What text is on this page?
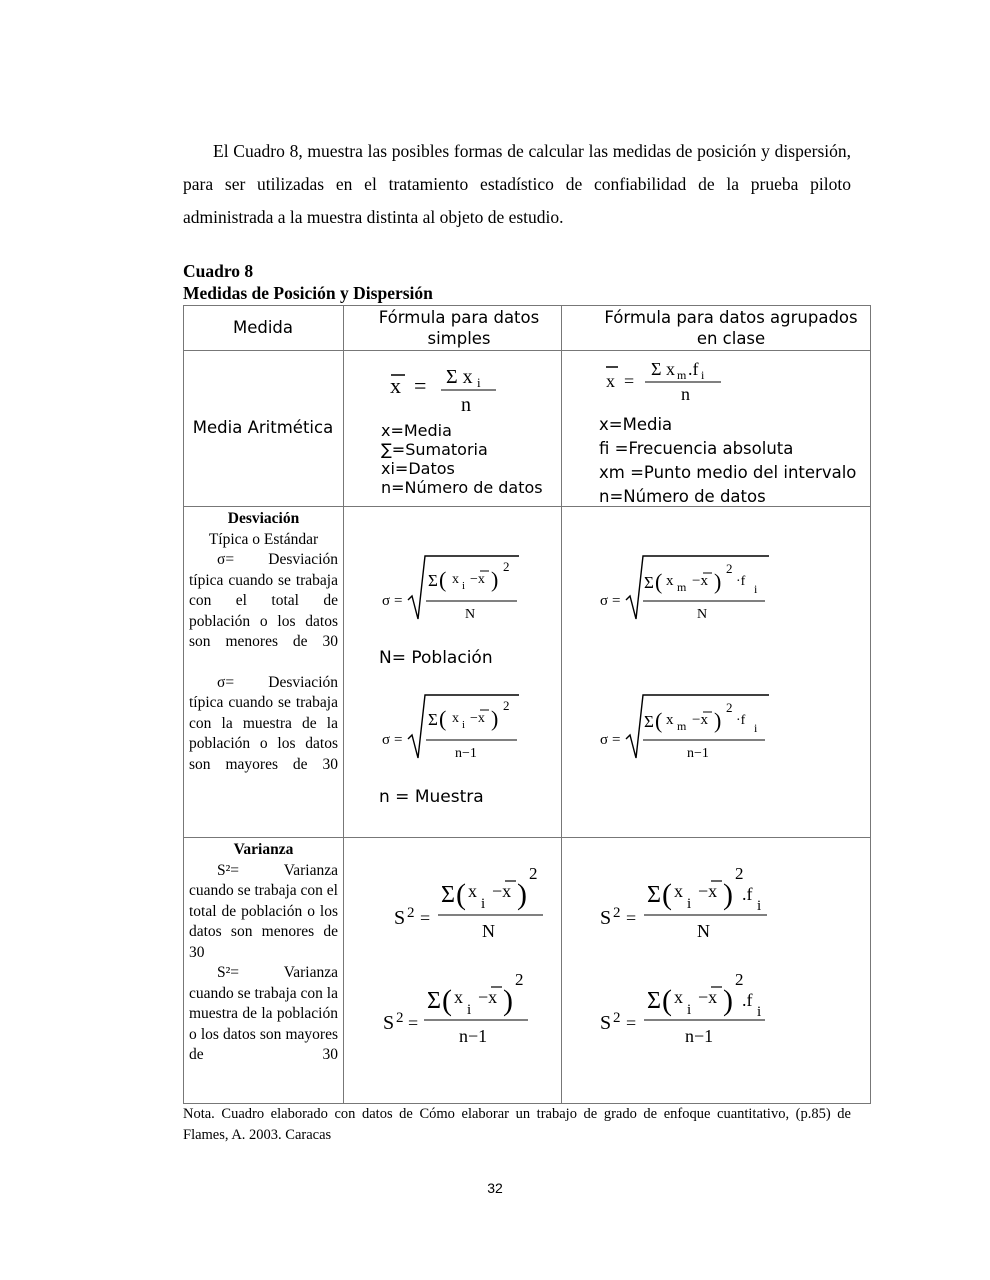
El Cuadro 8, muestra las posibles formas de calcular las medidas de posición y dispersión, para ser utilizadas en el tratamiento estadístico de confiabilidad de la prueba piloto administrada a la muestra distinta al objeto de estudio.

Cuadro 8

Medidas de Posición y Dispersión

Medida
Fórmula para datos simples
Fórmula para datos agrupados en clase
Media Aritmética
x = Σ x i
n
x =
Σ x m .f i
n
x=Media
∑=Sumatoria
xi=Datos
n=Número de datos
x=Media
fi =Frecuencia absoluta
xm =Punto medio del intervalo
n=Número de datos
Desviación
Típica o Estándar
σ= Desviación típica cuando se trabaja con el total de población o los datos son menores de 30
σ= Desviación típica cuando se trabaja con la muestra de la población o los datos son mayores de 30
N= Población
n = Muestra
σ =
Σ ( x i −x )
2
N
σ =
Σ ( x i −x )
2
n−1
σ =
Σ ( x m −x )
2
·f i
N
σ =
Σ ( x m −x )
2
·f i
n−1
Varianza
S²= Varianza cuando se trabaja con el total de población o los datos son menores de 30
S²= Varianza cuando se trabaja con la muestra de la población o los datos son mayores de 30
S 2 =
Σ ( x
i
−x )
2
N
S 2 =
Σ ( x
i
−x )
2
n−1
S 2 =
Σ ( x
i
−x )
2
.f
i
N
S 2 =
Σ ( x
i
−x )
2
.f
i
n−1

Nota. Cuadro elaborado con datos de Cómo elaborar un trabajo de grado de enfoque cuantitativo, (p.85) de Flames, A. 2003. Caracas

32
